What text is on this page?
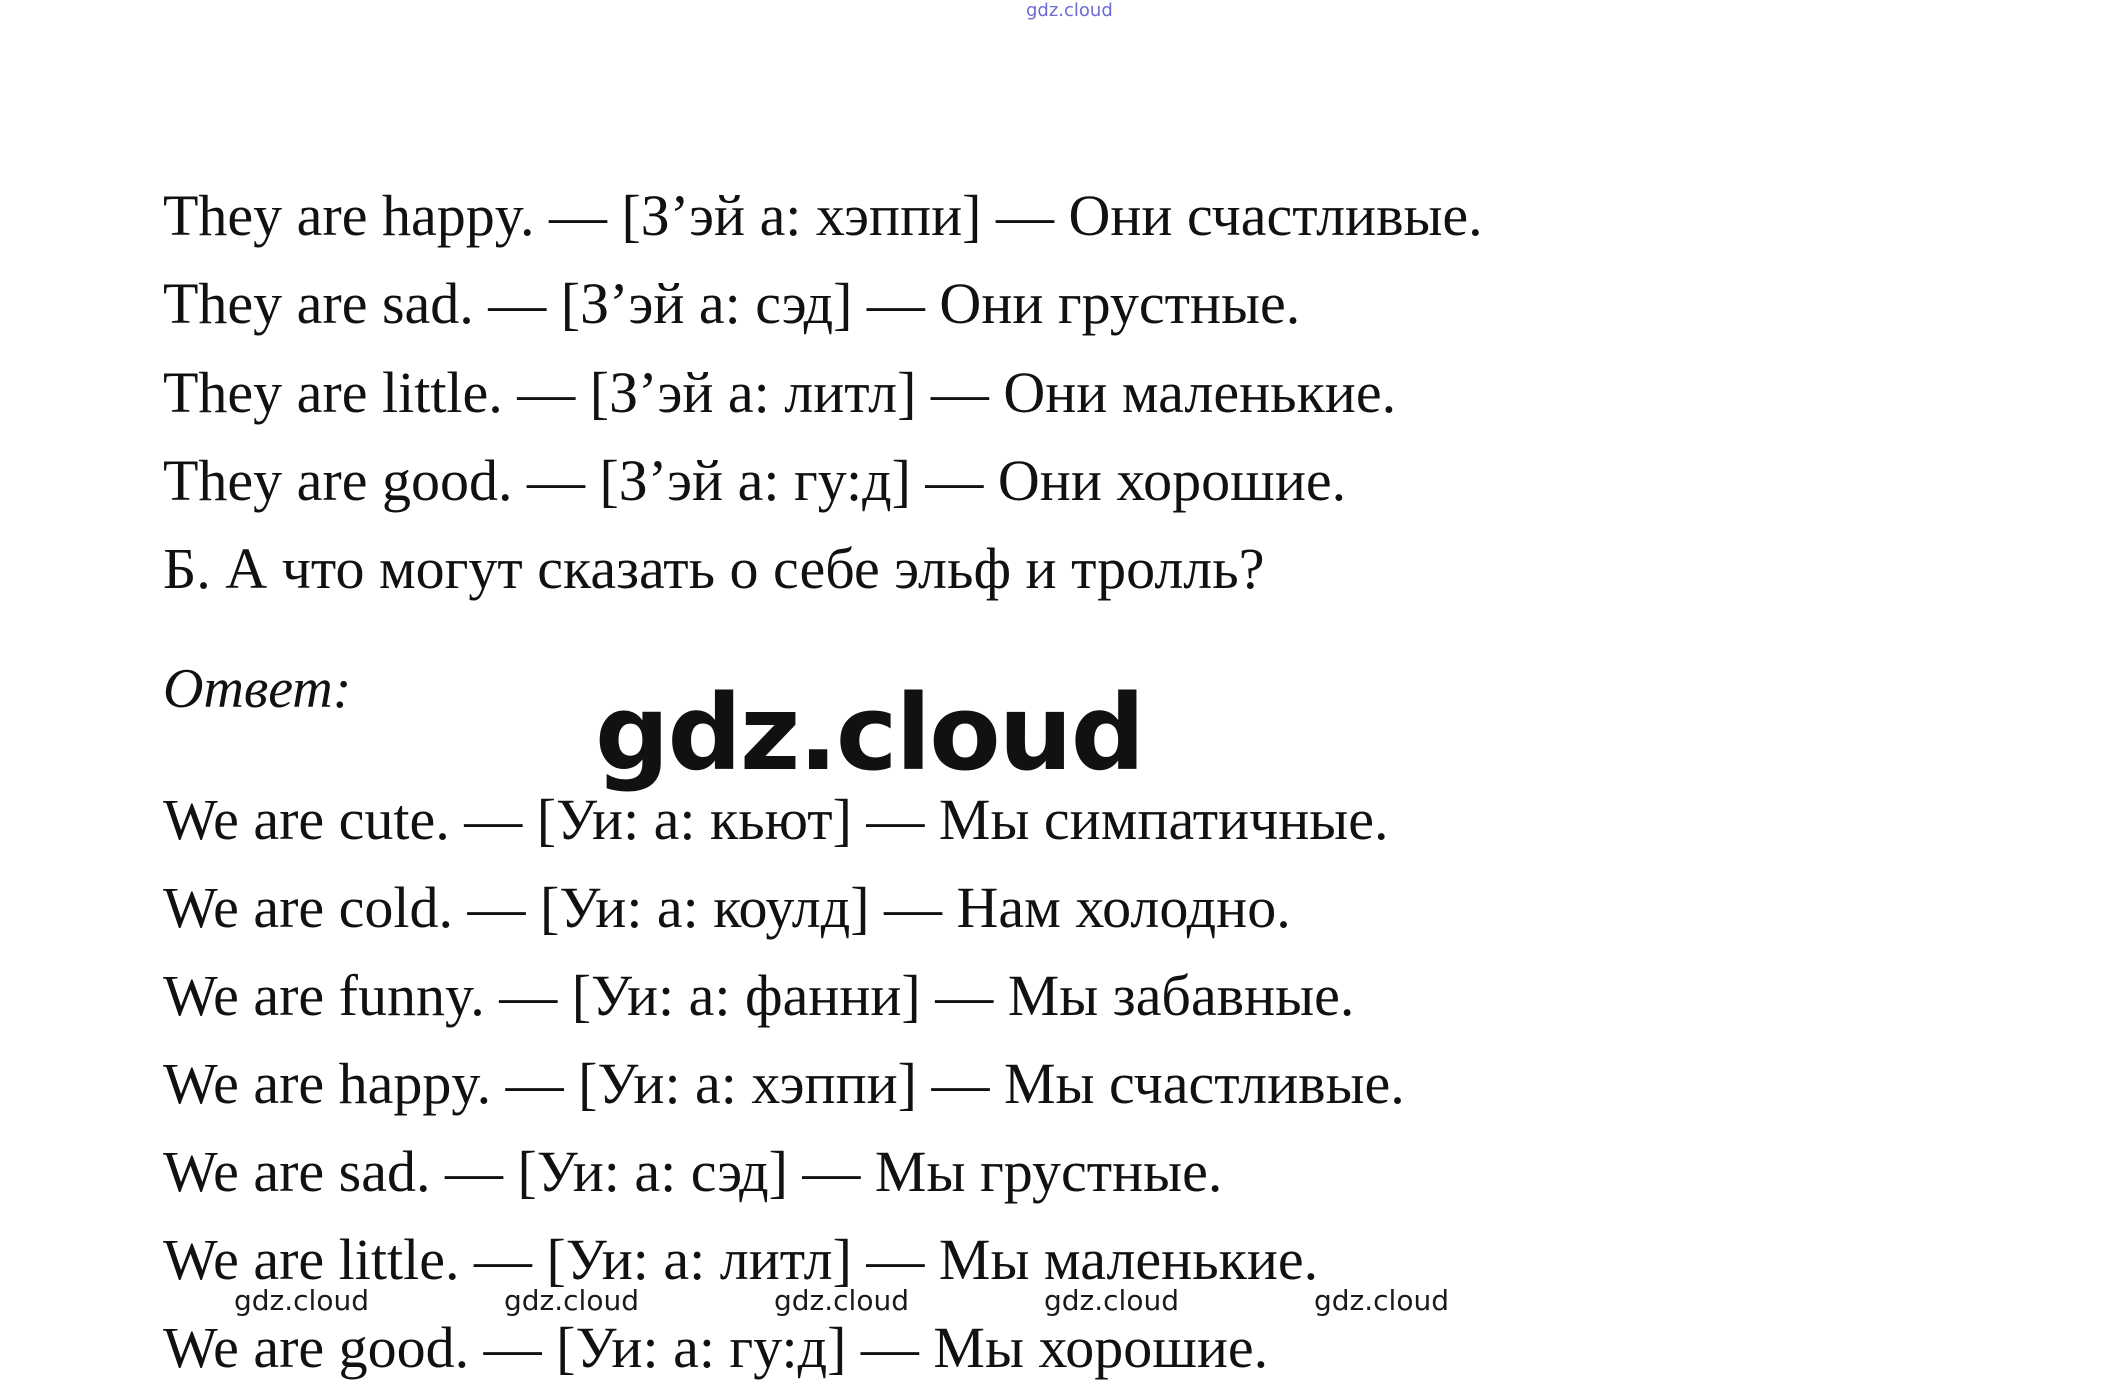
gdz.cloud
They are happy. — [З’эй а: хэппи] — Они счастливые.
They are sad. — [З’эй а: сэд] — Они грустные.
They are little. — [З’эй а: литл] — Они маленькие.
They are good. — [З’эй а: гу:д] — Они хорошие.
Б. А что могут сказать о себе эльф и тролль?
Ответ: gdz.cloud
We are cute. — [Уи: а: кьют] — Мы симпатичные.
We are cold. — [Уи: а: коулд] — Нам холодно.
We are funny. — [Уи: а: фанни] — Мы забавные.
We are happy. — [Уи: а: хэппи] — Мы счастливые.
We are sad. — [Уи: а: сэд] — Мы грустные.
We are little. — [Уи: а: литл] — Мы маленькие.
gdz.cloud	gdz.cloud	gdz.cloud	gdz.cloud	gdz.cloud
We are good. — [Уи: а: гу:д] — Мы хорошие.
